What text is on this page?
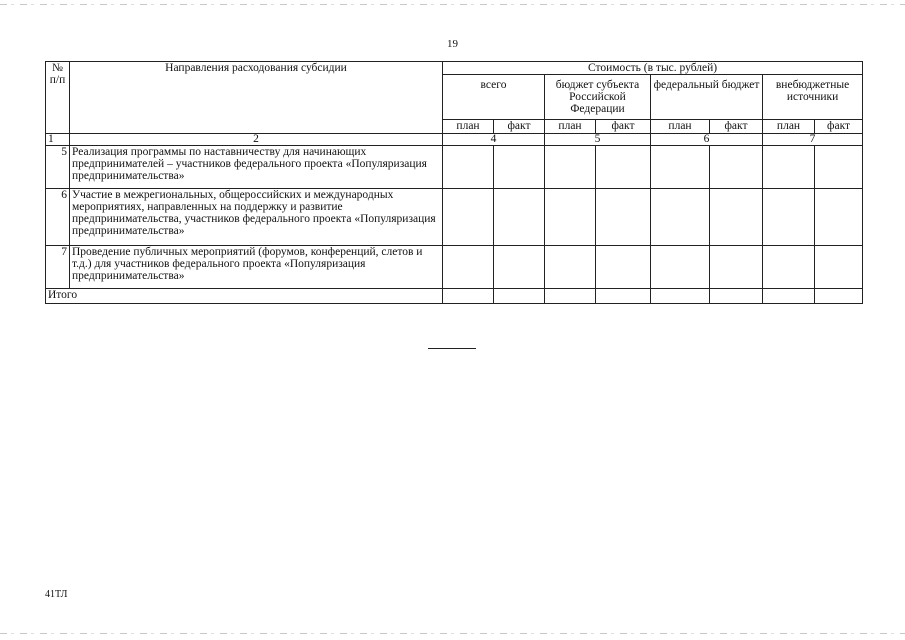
19
№ п/п	Направления расходования субсидии	Стоимость (в тыс. рублей)							
		всего		бюджет субъекта Российской Федерации		федеральный бюджет		внебюджетные источники	
		план	факт	план	факт	план	факт	план	факт
1	2	4		5		6		7	
5	Реализация программы по наставничеству для начинающих предпринимателей – участников федерального проекта «Популяризация предпринимательства»								
6	Участие в межрегиональных, общероссийских и международных мероприятиях, направленных на поддержку и развитие предпринимательства, участников федерального проекта «Популяризация предпринимательства»								
7	Проведение публичных мероприятий (форумов, конференций, слетов и т.д.) для участников федерального проекта «Популяризация предпринимательства»								
Итого									
41ТЛ
